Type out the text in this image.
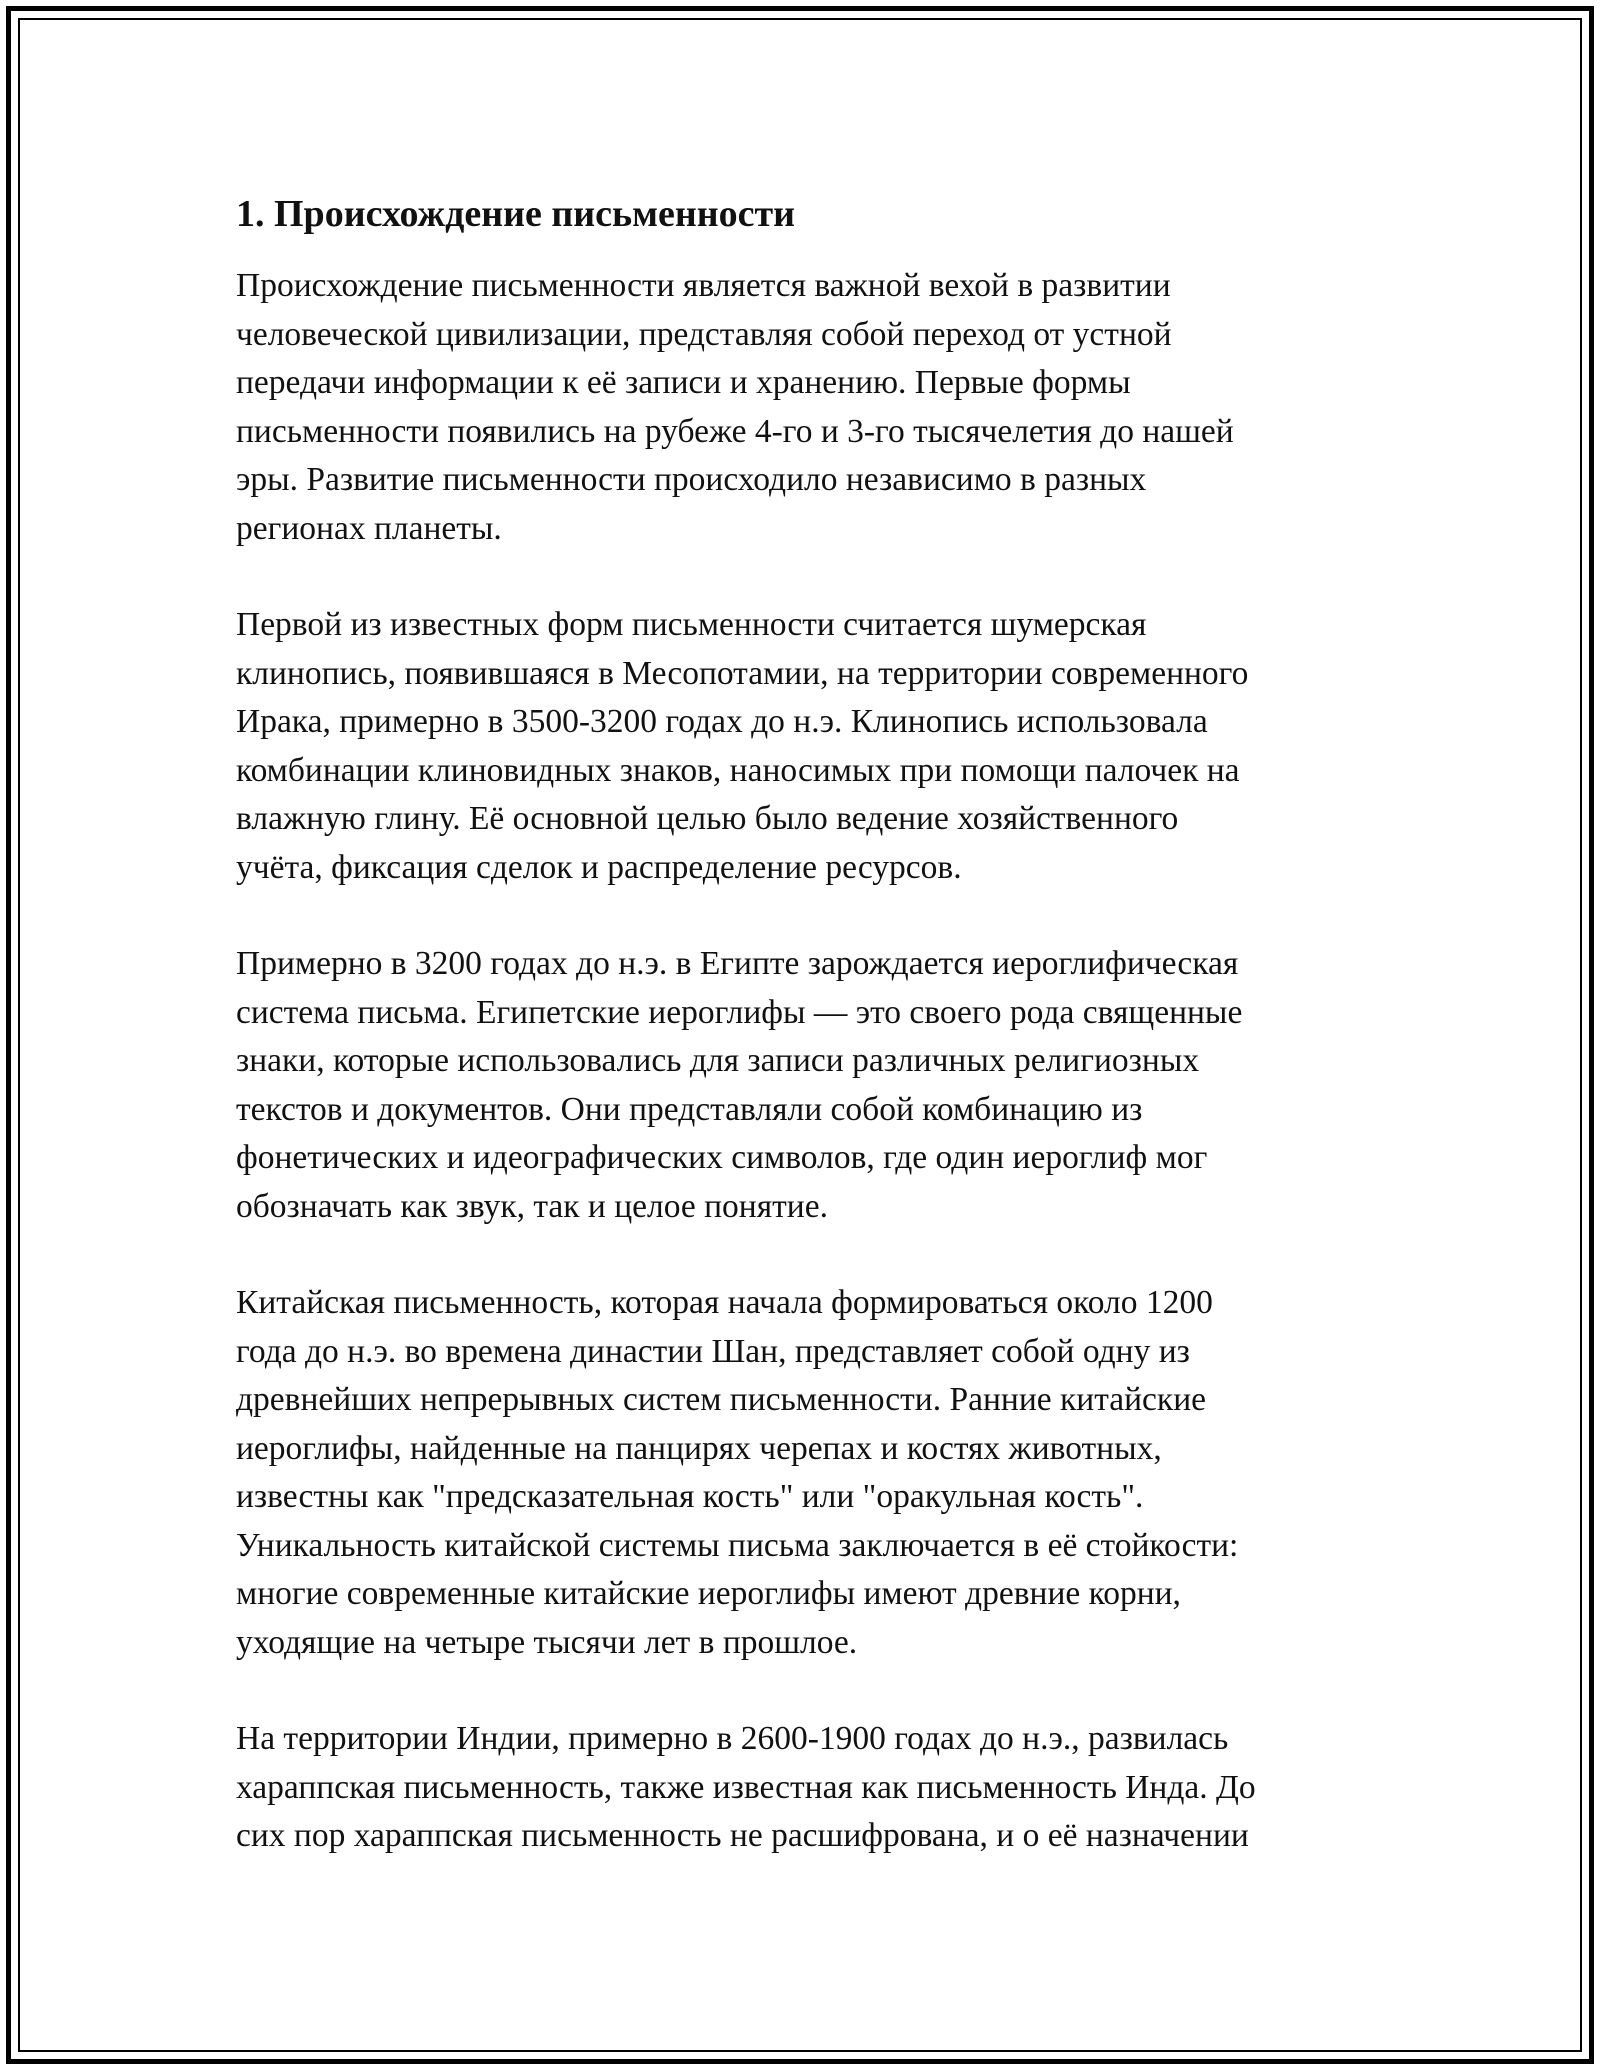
1. Происхождение письменности

Происхождение письменности является важной вехой в развитии
человеческой цивилизации, представляя собой переход от устной
передачи информации к её записи и хранению. Первые формы
письменности появились на рубеже 4-го и 3-го тысячелетия до нашей
эры. Развитие письменности происходило независимо в разных
регионах планеты.

Первой из известных форм письменности считается шумерская
клинопись, появившаяся в Месопотамии, на территории современного
Ирака, примерно в 3500-3200 годах до н.э. Клинопись использовала
комбинации клиновидных знаков, наносимых при помощи палочек на
влажную глину. Её основной целью было ведение хозяйственного
учёта, фиксация сделок и распределение ресурсов.

Примерно в 3200 годах до н.э. в Египте зарождается иероглифическая
система письма. Египетские иероглифы — это своего рода священные
знаки, которые использовались для записи различных религиозных
текстов и документов. Они представляли собой комбинацию из
фонетических и идеографических символов, где один иероглиф мог
обозначать как звук, так и целое понятие.

Китайская письменность, которая начала формироваться около 1200
года до н.э. во времена династии Шан, представляет собой одну из
древнейших непрерывных систем письменности. Ранние китайские
иероглифы, найденные на панцирях черепах и костях животных,
известны как "предсказательная кость" или "оракульная кость".
Уникальность китайской системы письма заключается в её стойкости:
многие современные китайские иероглифы имеют древние корни,
уходящие на четыре тысячи лет в прошлое.

На территории Индии, примерно в 2600-1900 годах до н.э., развилась
хараппская письменность, также известная как письменность Инда. До
сих пор хараппская письменность не расшифрована, и о её назначении
